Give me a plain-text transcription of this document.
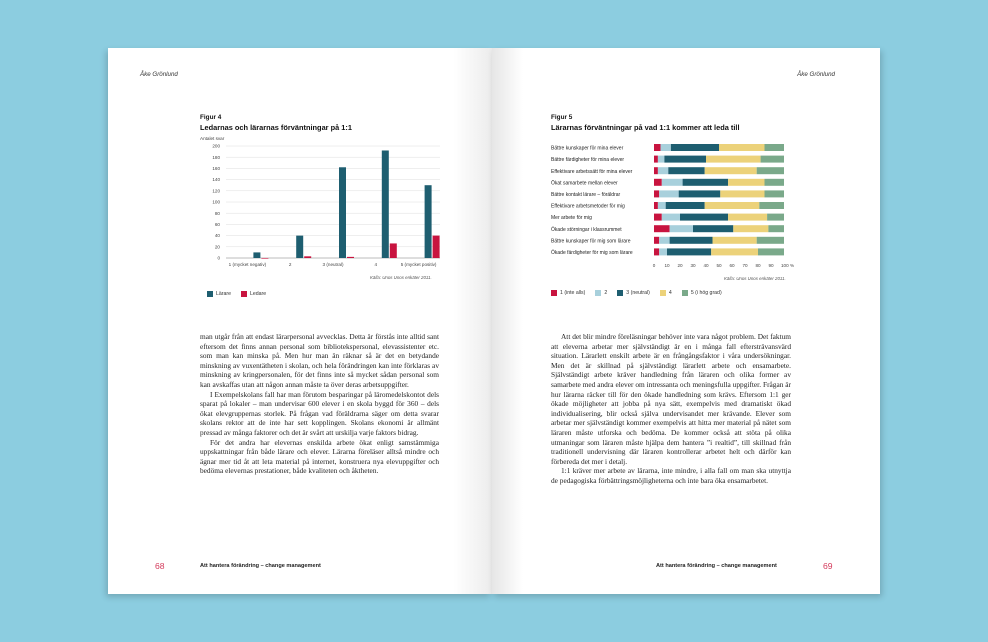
Åke Grönlund
Figur 4
Ledarnas och lärarnas förväntningar på 1:1
Antalet svar
0
20
40
60
80
100
120
140
160
180
200
1 (mycket negativ)	2	3 (neutral)	4	5 (mycket positiv)
Källa: Unos Unos enkäter 2011.
Lärare	Ledare

man utgår från att endast lärarpersonal avvecklas. Detta är förstås inte alltid sant eftersom det finns annan personal som bibliotekspersonal, elevassistenter etc. som man kan minska på. Men hur man än räknar så är det en betydande minskning av vuxentätheten i skolan, och hela förändringen kan inte förklaras av minskning av kringpersonalen, för det finns inte så mycket sådan personal som kan avskaffas utan att någon annan måste ta över deras arbetsuppgifter.

I Exempelskolans fall har man förutom besparingar på läromedelskontot dels sparat på lokaler – man undervisar 600 elever i en skola byggd för 360 – dels ökat elevgruppernas storlek. På frågan vad föräldrarna säger om detta svarar skolans rektor att de inte har sett kopplingen. Skolans ekonomi är allmänt pressad av många faktorer och det är svårt att urskilja varje faktors bidrag.

För det andra har elevernas enskilda arbete ökat enligt samstämmiga uppskattningar från både lärare och elever. Lärarna föreläser alltså mindre och ägnar mer tid åt att leta material på internet, konstruera nya elevuppgifter och bedöma elevernas prestationer, både kvaliteten och åktheten.

68	Att hantera förändring – change management
Åke Grönlund
Figur 5
Lärarnas förväntningar på vad 1:1 kommer att leda till
Bättre kunskaper för mina elever
Bättre färdigheter för mina elever
Effektivare arbetssätt för mina elever
Ökat samarbete mellan elever
Bättre kontakt lärare – föräldrar
Effektivare arbetsmetoder för mig
Mer arbete för mig
Ökade störningar i klassrummet
Bättre kunskaper för mig som lärare
Ökade färdigheter för mig som lärare
0 10 20 30 40 50 60 70 80 90 100 %
Källa: Unos Unos enkäter 2011.
1 (inte alls)	2	3 (neutral)	4	5 (i hög grad)

Att det blir mindre föreläsningar behöver inte vara något problem. Det faktum att eleverna arbetar mer självständigt är en i många fall eftersträvansvärd situation. Lärarlett enskilt arbete är en frångångsfaktor i våra undersökningar. Men det är skillnad på självständigt lärarlett arbete och ensamarbete. Självständigt arbete kräver handledning från läraren och olika former av samarbete med andra elever om intressanta och meningsfulla uppgifter. Frågan är hur lärarna räcker till för den ökade handledning som krävs. Eftersom 1:1 ger ökade möjligheter att jobba på nya sätt, exempelvis med dramatiskt ökad individualisering, blir också själva undervisandet mer krävande. Elever som arbetar mer självständigt kommer exempelvis att hitta mer material på nätet som läraren måste utforska och bedöma. De kommer också att stöta på olika utmaningar som läraren måste hjälpa dem hantera ”i realtid”, till skillnad från traditionell undervisning där läraren kontrollerar arbetet helt och därför kan förbereda det mer i detalj.

1:1 kräver mer arbete av lärarna, inte mindre, i alla fall om man ska utnyttja de pedagogiska förbättringsmöjligheterna och inte bara öka ensamarbetet.

Att hantera förändring – change management	69
